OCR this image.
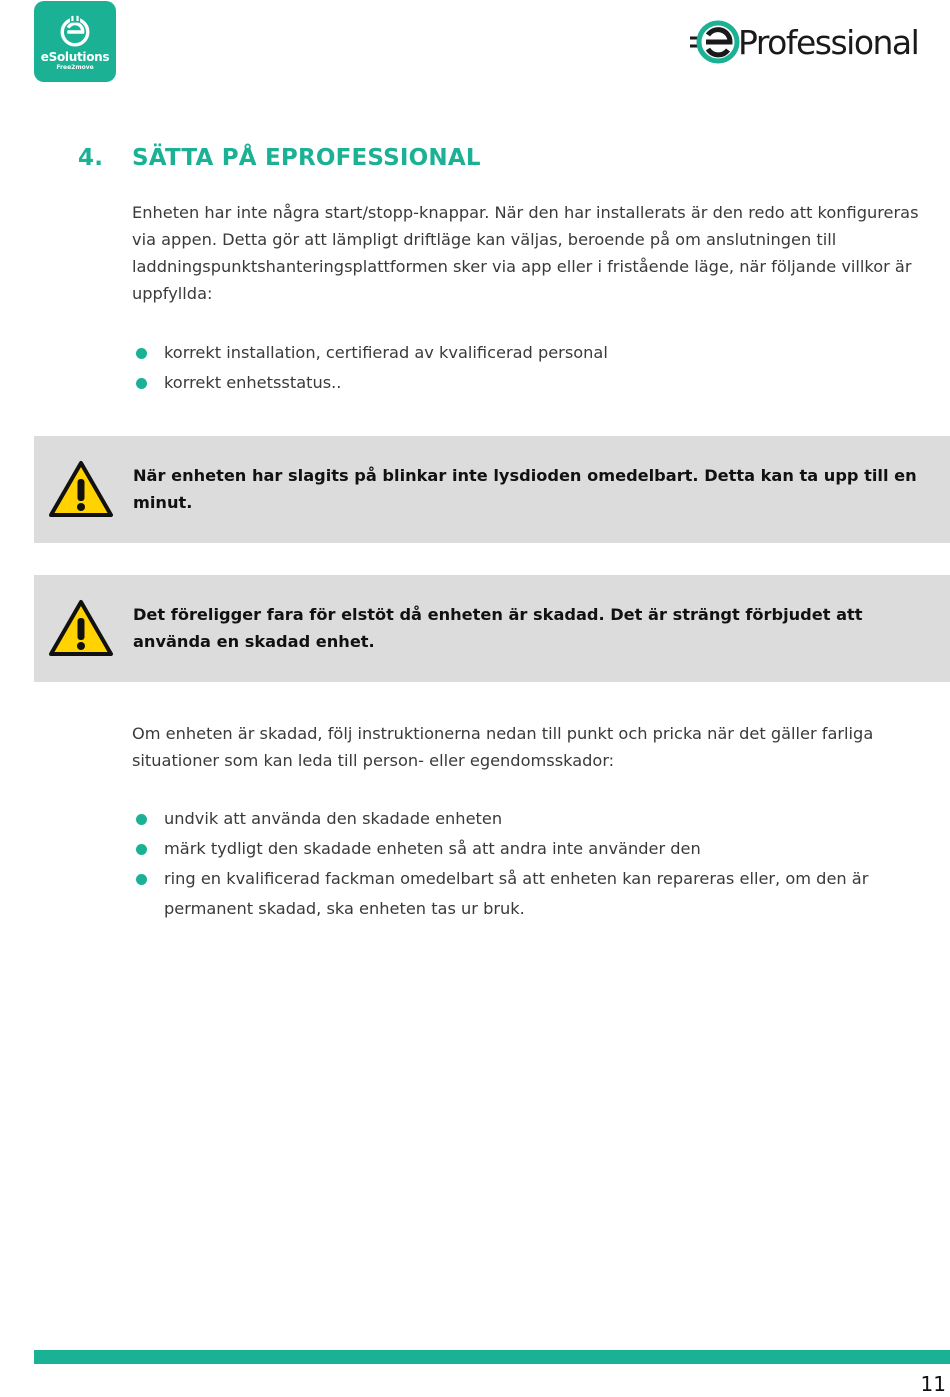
eSolutions
Free2move
Professional
4.	SÄTTA PÅ EPROFESSIONAL

Enheten har inte några start/stopp-knappar. När den har installerats är den redo att konfigureras via appen. Detta gör att lämpligt driftläge kan väljas, beroende på om anslutningen till laddningspunktshanteringsplattformen sker via app eller i fristående läge, när följande villkor är uppfyllda:

korrekt installation, certifierad av kvalificerad personal
korrekt enhetsstatus..
När enheten har slagits på blinkar inte lysdioden omedelbart. Detta kan ta upp till en minut.
Det föreligger fara för elstöt då enheten är skadad. Det är strängt förbjudet att använda en skadad enhet.

Om enheten är skadad, följ instruktionerna nedan till punkt och pricka när det gäller farliga situationer som kan leda till person- eller egendomsskador:

undvik att använda den skadade enheten
märk tydligt den skadade enheten så att andra inte använder den
ring en kvalificerad fackman omedelbart så att enheten kan repareras eller, om den är permanent skadad, ska enheten tas ur bruk.
11
